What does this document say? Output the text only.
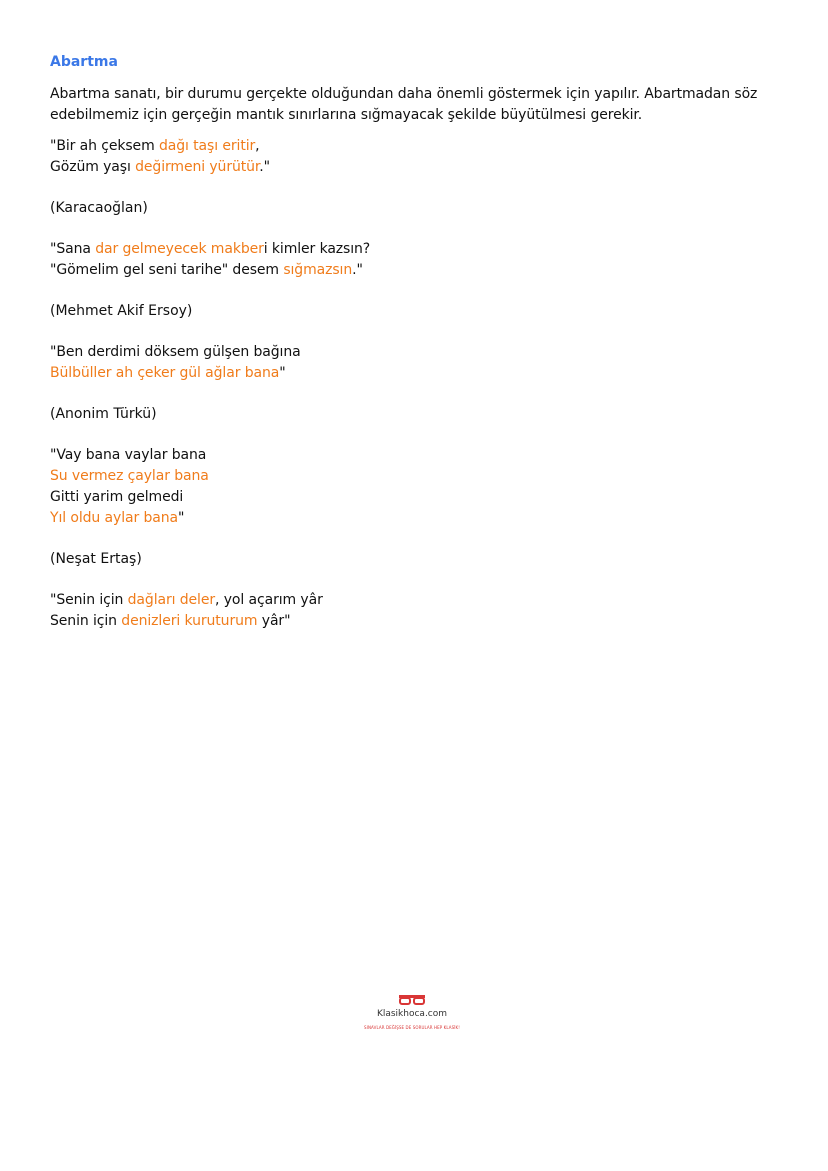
Abartma
Abartma sanatı, bir durumu gerçekte olduğundan daha önemli göstermek için yapılır. Abartmadan söz edebilmemiz için gerçeğin mantık sınırlarına sığmayacak şekilde büyütülmesi gerekir.
"Bir ah çeksem dağı taşı eritir,
Gözüm yaşı değirmeni yürütür."
(Karacaoğlan)
"Sana dar gelmeyecek makberi kimler kazsın?
"Gömelim gel seni tarihe" desem sığmazsın."
(Mehmet Akif Ersoy)
"Ben derdimi döksem gülşen bağına
Bülbüller ah çeker gül ağlar bana"
(Anonim Türkü)
"Vay bana vaylar bana
Su vermez çaylar bana
Gitti yarim gelmedi
Yıl oldu aylar bana"
(Neşat Ertaş)
"Senin için dağları deler, yol açarım yâr
Senin için denizleri kuruturum yâr"
Klasikhoca.com
SINAVLAR DEĞİŞSE DE SORULAR HEP KLASİK!
